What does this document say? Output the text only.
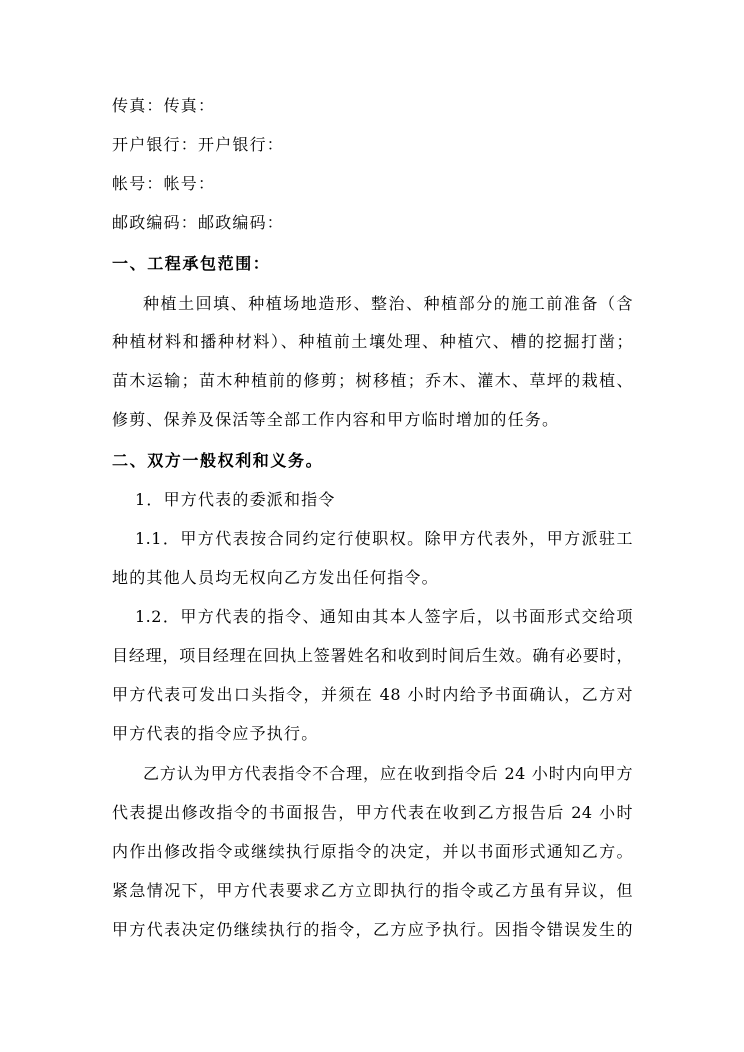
传真：传真：
开户银行：开户银行：
帐号：帐号：
邮政编码：邮政编码：
一、工程承包范围：
种植土回填、种植场地造形、整治、种植部分的施工前准备（含
种植材料和播种材料）、种植前土壤处理、种植穴、槽的挖掘打凿；
苗木运输；苗木种植前的修剪；树移植；乔木、灌木、草坪的栽植、
修剪、保养及保活等全部工作内容和甲方临时增加的任务。
二、双方一般权利和义务。
1．甲方代表的委派和指令
1.1．甲方代表按合同约定行使职权。除甲方代表外，甲方派驻工
地的其他人员均无权向乙方发出任何指令。
1.2．甲方代表的指令、通知由其本人签字后，以书面形式交给项
目经理，项目经理在回执上签署姓名和收到时间后生效。确有必要时，
甲方代表可发出口头指令，并须在 48 小时内给予书面确认，乙方对
甲方代表的指令应予执行。
乙方认为甲方代表指令不合理，应在收到指令后 24 小时内向甲方
代表提出修改指令的书面报告，甲方代表在收到乙方报告后 24 小时
内作出修改指令或继续执行原指令的决定，并以书面形式通知乙方。
紧急情况下，甲方代表要求乙方立即执行的指令或乙方虽有异议，但
甲方代表决定仍继续执行的指令，乙方应予执行。因指令错误发生的
